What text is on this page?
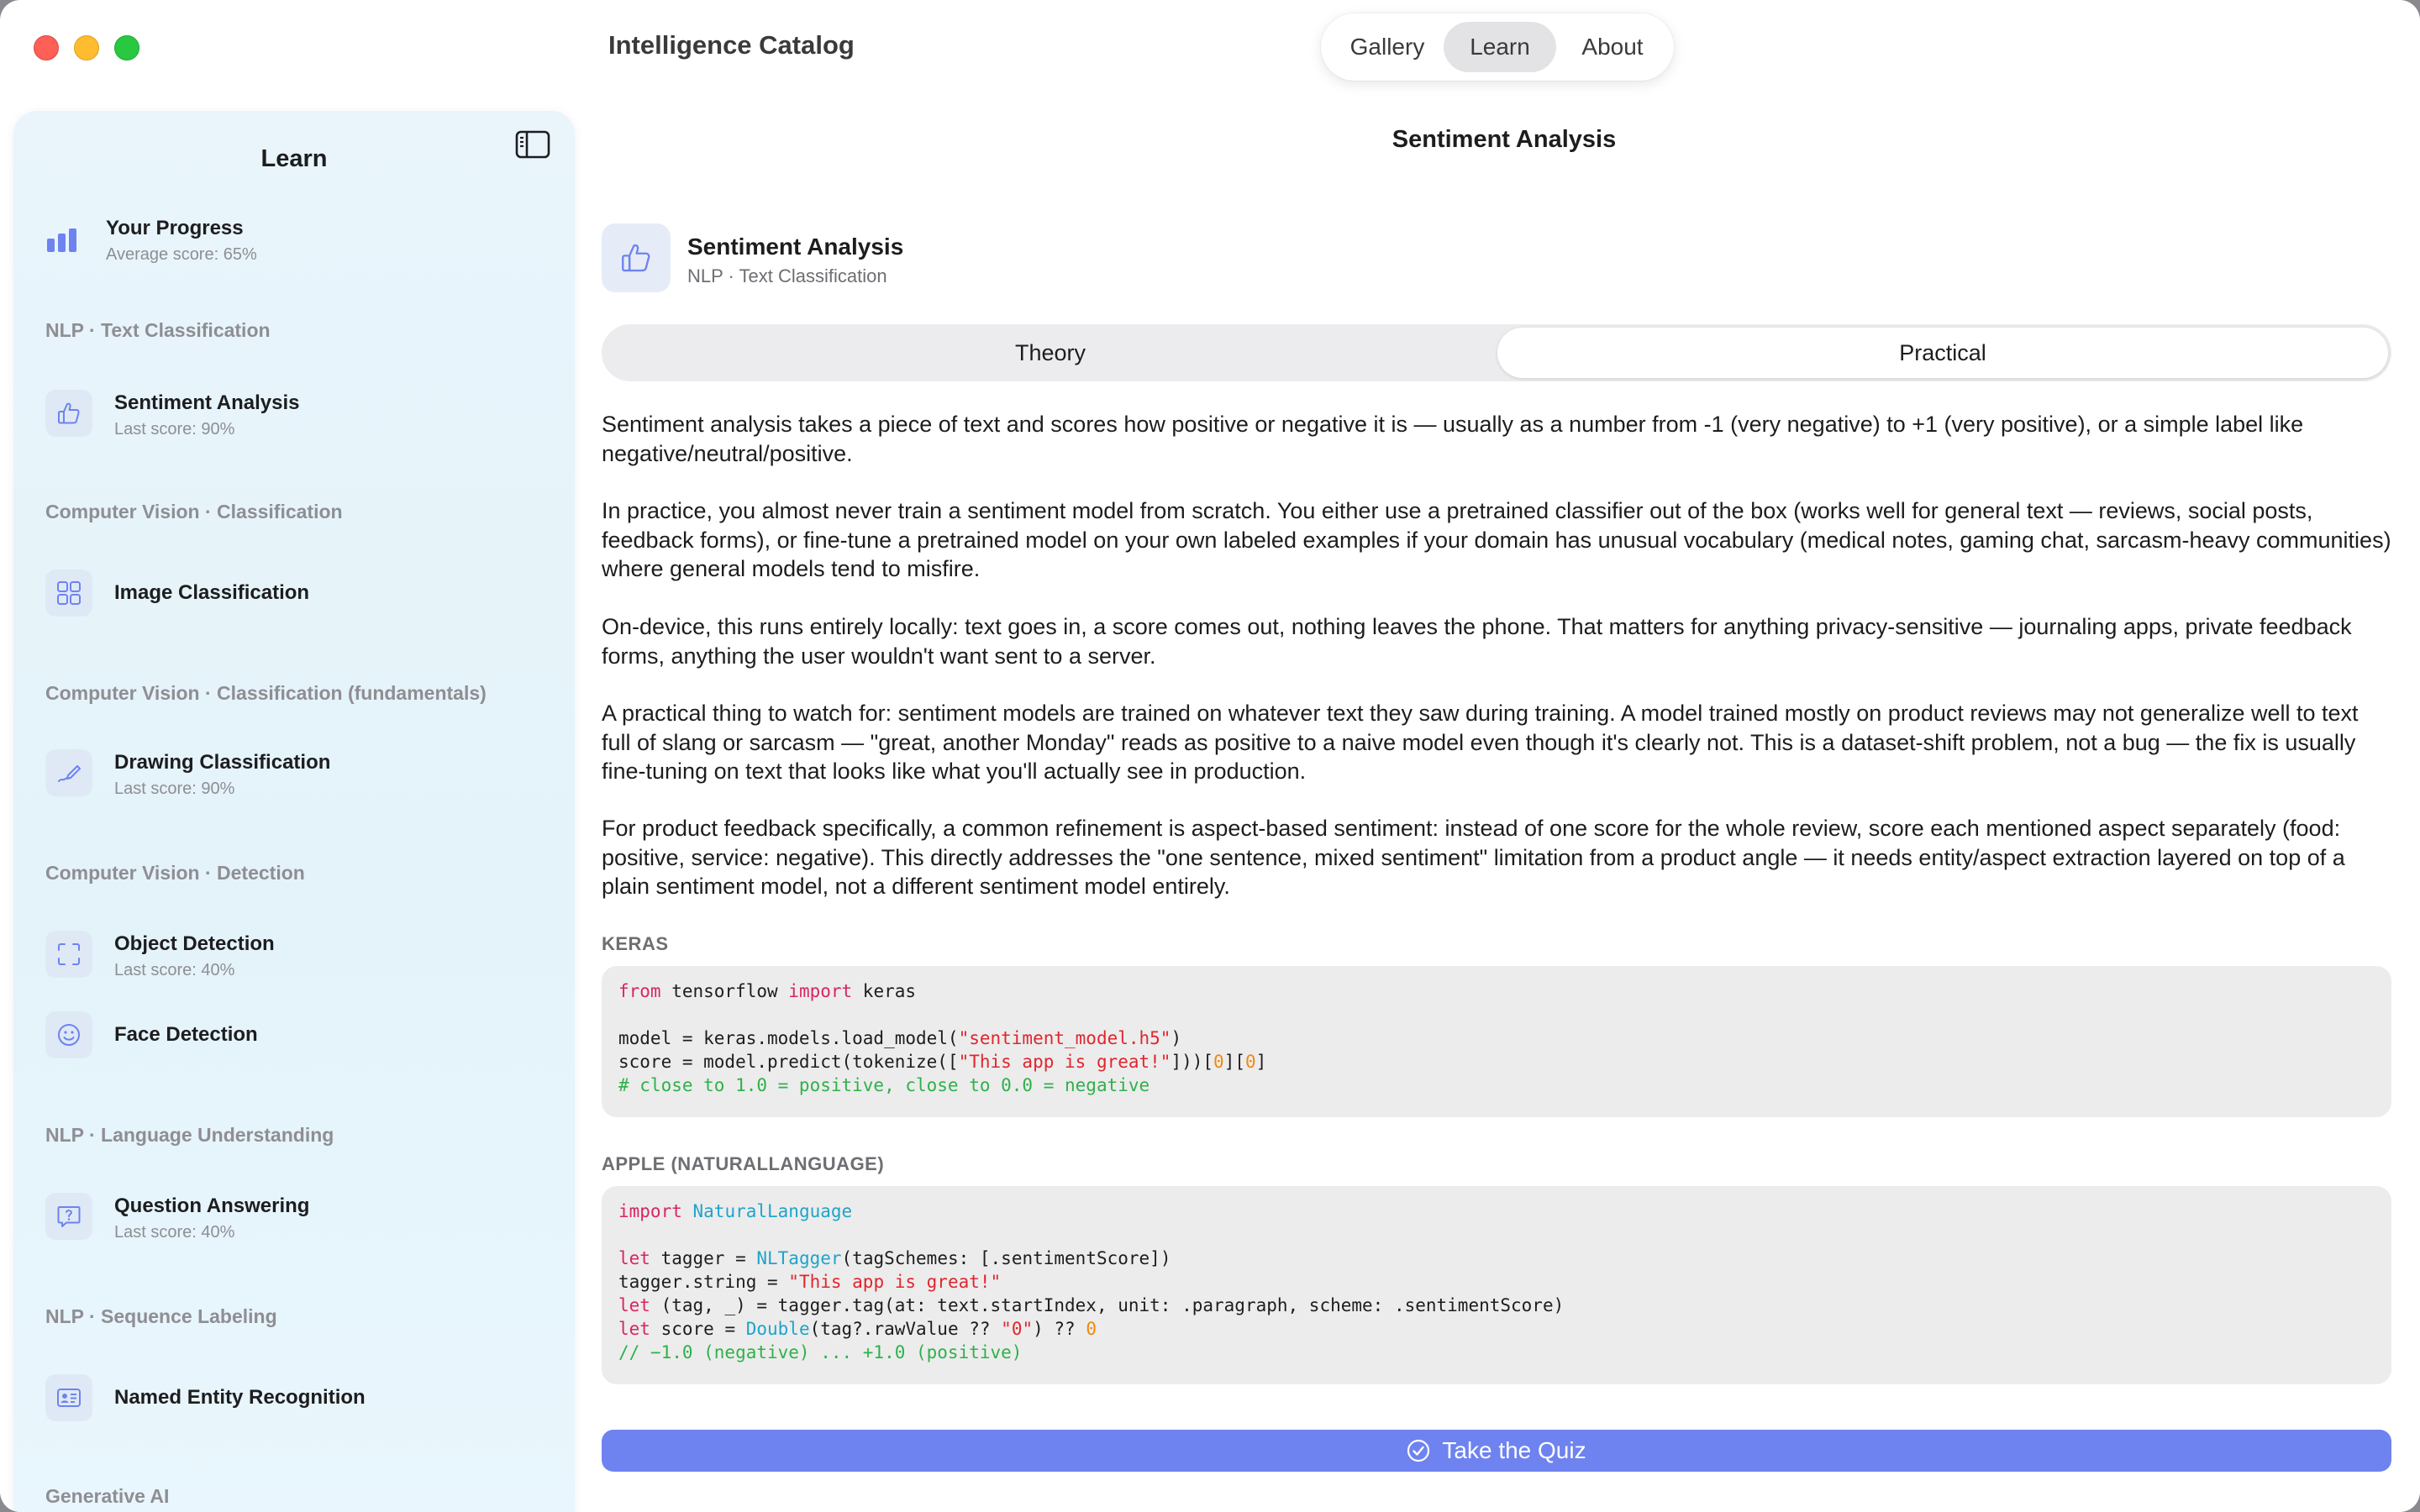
Intelligence Catalog	Gallery	Learn	About
Learn
Your Progress
Average score: 65%
NLP · Text Classification
Sentiment Analysis
Last score: 90%
Computer Vision · Classification
Image Classification
Computer Vision · Classification (fundamentals)
Drawing Classification
Last score: 90%
Computer Vision · Detection
Object Detection
Last score: 40%
Face Detection
NLP · Language Understanding
Question Answering
Last score: 40%
NLP · Sequence Labeling
Named Entity Recognition
Generative AI
Sentiment Analysis
Sentiment Analysis
NLP · Text Classification
Theory	Practical
Sentiment analysis takes a piece of text and scores how positive or negative it is — usually as a number from -1 (very negative) to +1 (very positive), or a simple label like negative/neutral/positive.
In practice, you almost never train a sentiment model from scratch. You either use a pretrained classifier out of the box (works well for general text — reviews, social posts, feedback forms), or fine-tune a pretrained model on your own labeled examples if your domain has unusual vocabulary (medical notes, gaming chat, sarcasm-heavy communities) where general models tend to misfire.
On-device, this runs entirely locally: text goes in, a score comes out, nothing leaves the phone. That matters for anything privacy-sensitive — journaling apps, private feedback forms, anything the user wouldn't want sent to a server.
A practical thing to watch for: sentiment models are trained on whatever text they saw during training. A model trained mostly on product reviews may not generalize well to text full of slang or sarcasm — "great, another Monday" reads as positive to a naive model even though it's clearly not. This is a dataset-shift problem, not a bug — the fix is usually fine-tuning on text that looks like what you'll actually see in production.
For product feedback specifically, a common refinement is aspect-based sentiment: instead of one score for the whole review, score each mentioned aspect separately (food: positive, service: negative). This directly addresses the "one sentence, mixed sentiment" limitation from a product angle — it needs entity/aspect extraction layered on top of a plain sentiment model, not a different sentiment model entirely.
KERAS

from tensorflow import keras
model = keras.models.load_model("sentiment_model.h5")
score = model.predict(tokenize(["This app is great!"]))[0][0]
# close to 1.0 = positive, close to 0.0 = negative

APPLE (NATURALLANGUAGE)

import NaturalLanguage
let tagger = NLTagger(tagSchemes: [.sentimentScore])
tagger.string = "This app is great!"
let (tag, _) = tagger.tag(at: text.startIndex, unit: .paragraph, scheme: .sentimentScore)
let score = Double(tag?.rawValue ?? "0") ?? 0
// −1.0 (negative) ... +1.0 (positive)

Take the Quiz
